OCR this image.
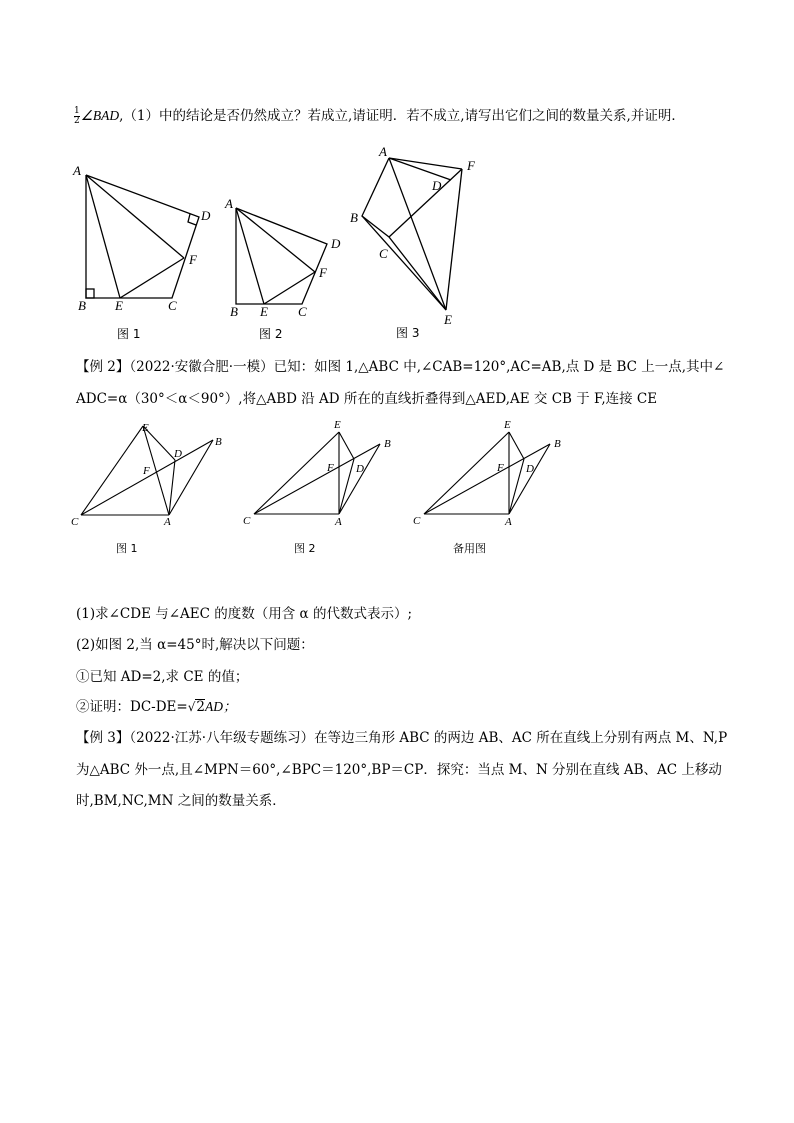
$\frac{1}{2}$ ∠BAD,（1）中的结论是否仍然成立？若成立,请证明．若不成立,请写出它们之间的数量关系,并证明．
A
B E	C
D
F
图 1
A
B E C
D
F
图 2
A
B
C
D
F
E
图 3
E
B
D
F
C	A
图 1
E
B
D
F
C	A
图 2
E
B
D
F
C	A
备用图
【例 2】（2022·安徽合肥·一模）已知：如图 1,△ABC 中,∠CAB=120°,AC=AB,点 D 是 BC 上一点,其中∠
ADC=α（30°＜α＜90°）,将△ABD 沿 AD 所在的直线折叠得到△AED,AE 交 CB 于 F,连接 CE
(1)求∠CDE 与∠AEC 的度数（用含 α 的代数式表示）;
(2)如图 2,当 α=45°时,解决以下问题：
①已知 AD=2,求 CE 的值；
②证明：DC-DE=√2AD；
【例 3】（2022·江苏·八年级专题练习）在等边三角形 ABC 的两边 AB、AC 所在直线上分别有两点 M、N,P
为△ABC 外一点,且∠MPN＝60°,∠BPC＝120°,BP＝CP．探究：当点 M、N 分别在直线 AB、AC 上移动
时,BM,NC,MN 之间的数量关系．
